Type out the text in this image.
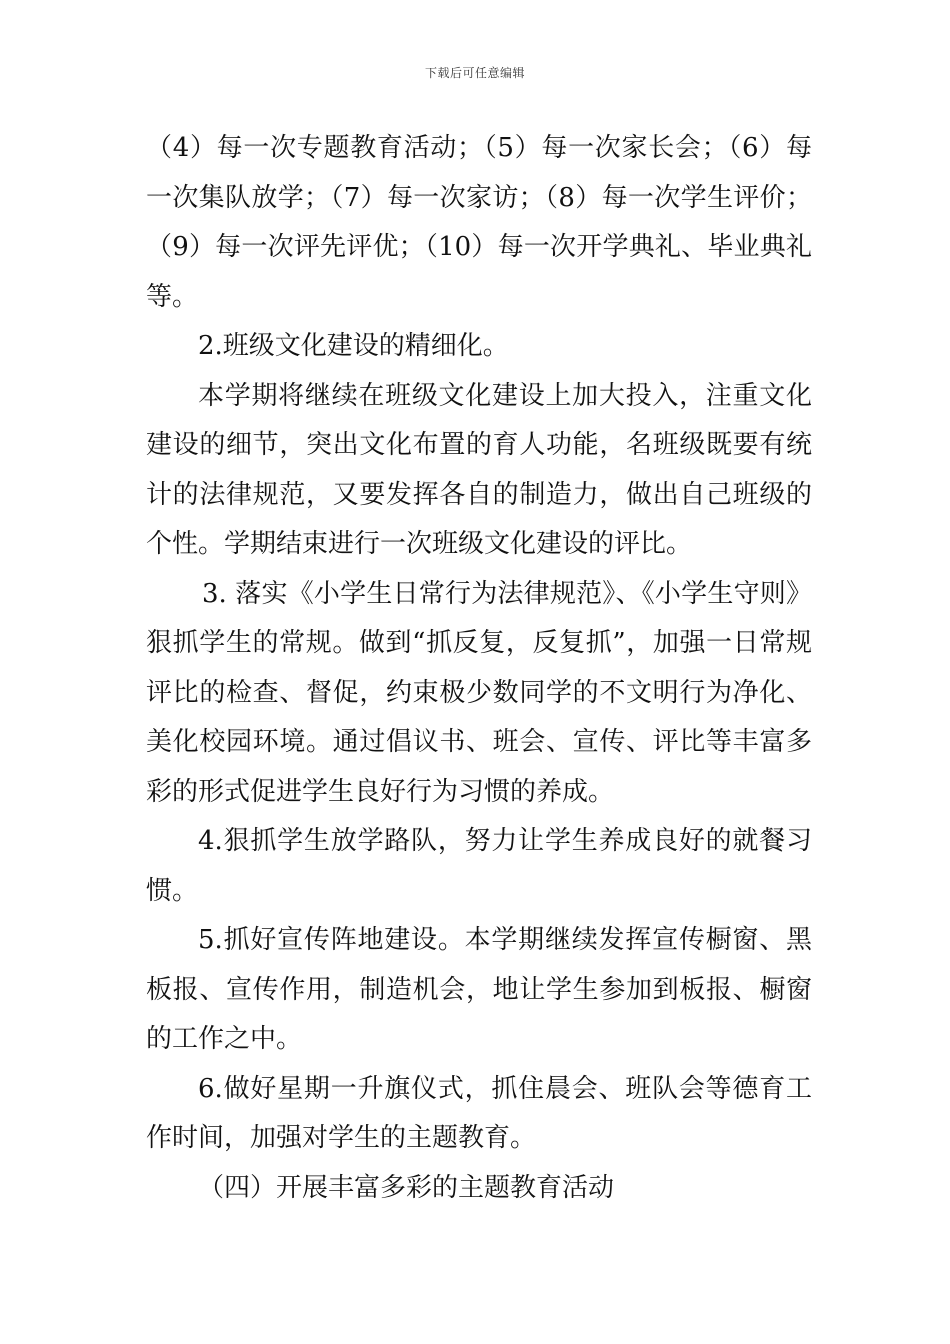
下载后可任意编辑

（4）每一次专题教育活动；（5）每一次家长会；（6）每一次集队放学；（7）每一次家访；（8）每一次学生评价；（9）每一次评先评优；（10）每一次开学典礼、毕业典礼等。

2.班级文化建设的精细化。

本学期将继续在班级文化建设上加大投入，注重文化建设的细节，突出文化布置的育人功能，名班级既要有统计的法律规范，又要发挥各自的制造力，做出自己班级的个性。学期结束进行一次班级文化建设的评比。

3. 落实《小学生日常行为法律规范》、《小学生守则》狠抓学生的常规。做到“抓反复，反复抓”，加强一日常规评比的检查、督促，约束极少数同学的不文明行为净化、美化校园环境。通过倡议书、班会、宣传、评比等丰富多彩的形式促进学生良好行为习惯的养成。

4.狠抓学生放学路队，努力让学生养成良好的就餐习惯。

5.抓好宣传阵地建设。本学期继续发挥宣传橱窗、黑板报、宣传作用，制造机会，地让学生参加到板报、橱窗的工作之中。

6.做好星期一升旗仪式，抓住晨会、班队会等德育工作时间，加强对学生的主题教育。

（四）开展丰富多彩的主题教育活动
